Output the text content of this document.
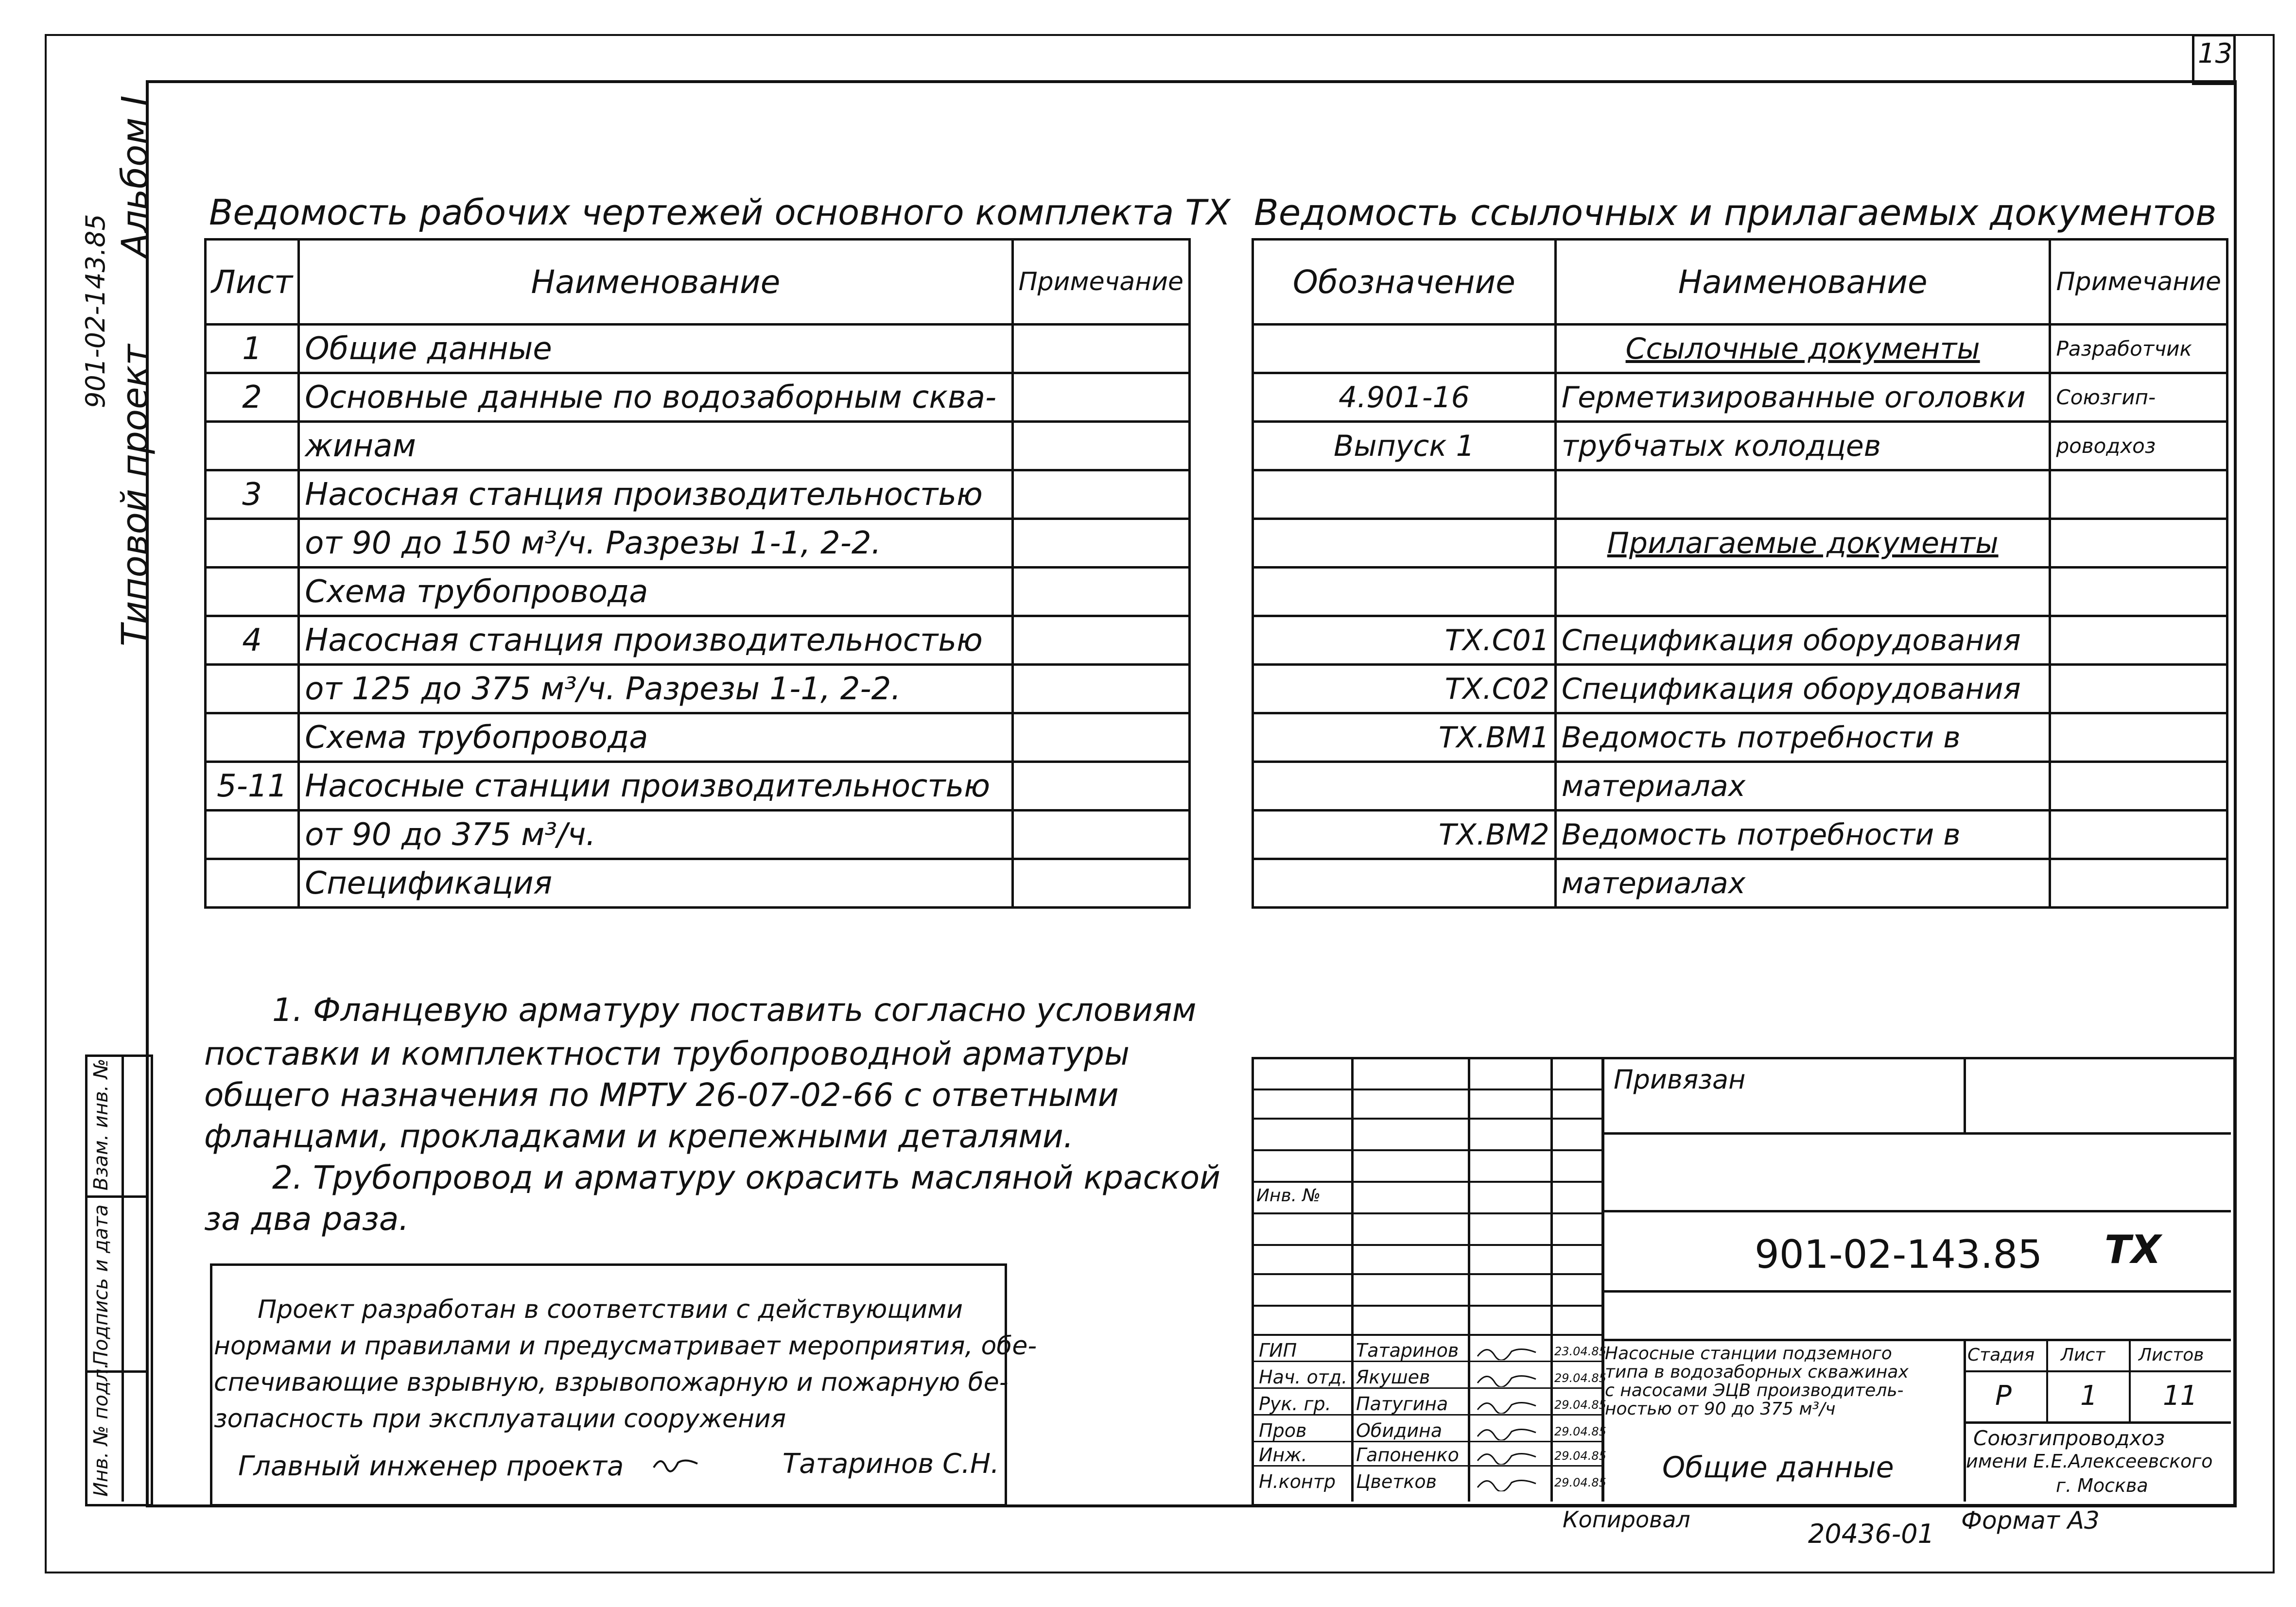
13
901-02-143.85
Типовой проект
Альбом I
Инв. № подл.
Подпись и дата
Взам. инв. №
Ведомость рабочих чертежей основного комплекта ТХ
Лист	Наименование	Примечание
1	Общие данные	
2	Основные данные по водозаборным сква-	
	жинам	
3	Насосная станция производительностью	
	от 90 до 150 м³/ч. Разрезы 1-1, 2-2.	
	Схема трубопровода	
4	Насосная станция производительностью	
	от 125 до 375 м³/ч. Разрезы 1-1, 2-2.	
	Схема трубопровода	
5-11	Насосные станции производительностью	
	от 90 до 375 м³/ч.	
	Спецификация	
Ведомость ссылочных и прилагаемых документов
Обозначение	Наименование	Примечание
	Ссылочные документы	Разработчик
4.901-16	Герметизированные оголовки	Союзгип-
Выпуск 1	трубчатых колодцев	роводхоз

	Прилагаемые документы	

ТХ.С01	Спецификация оборудования	
ТХ.С02	Спецификация оборудования	
ТХ.ВМ1	Ведомость потребности в	
	материалах	
ТХ.ВМ2	Ведомость потребности в	
	материалах	
1. Фланцевую арматуру поставить согласно условиям
поставки и комплектности трубопроводной арматуры
общего назначения по МРТУ 26-07-02-66 с ответными
фланцами, прокладками и крепежными деталями.
2. Трубопровод и арматуру окрасить масляной краской
за два раза.
Проект разработан в соответствии с действующими
нормами и правилами и предусматривает мероприятия, обе-
спечивающие взрывную, взрывопожарную и пожарную бе-
зопасность при эксплуатации сооружения
Главный инженер проекта	Татаринов С.Н.
Привязан
Инв. №
901-02-143.85 ТХ
Насосные станции подземного
типа в водозаборных скважинах
с насосами ЭЦВ производитель-
ностью от 90 до 375 м³/ч
Стадия Лист Листов
Р	1 11
Общие данные
Союзгипроводхоз
имени Е.Е.Алексеевского
г. Москва
ГИП	Татаринов	23.04.85
Нач. отд. Якушев	29.04.85
Рук. гр. Патугина	29.04.85
Пров	Обидина	29.04.85
Инж.	Гапоненко	29.04.85
Н.контр Цветков	29.04.85
Копировал	20436-01 Формат А3
